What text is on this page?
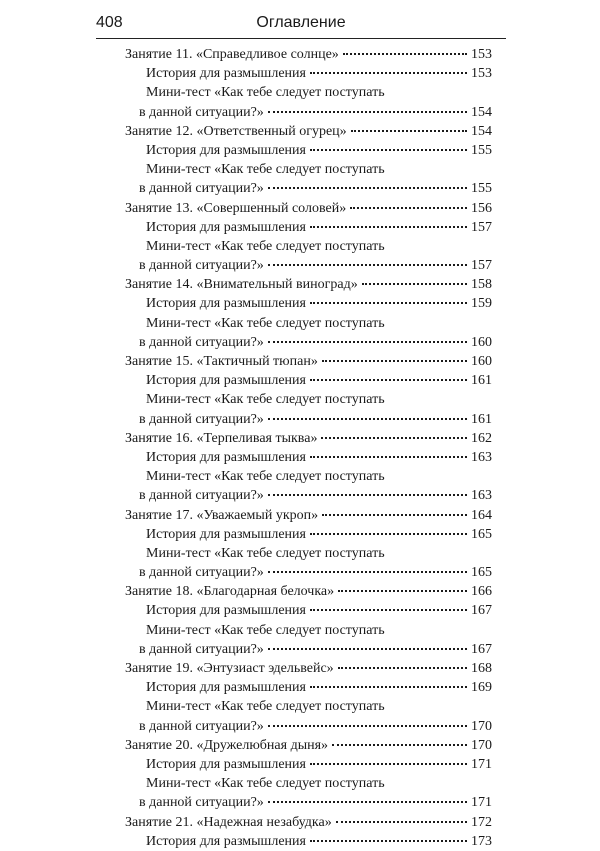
408	Оглавление
Занятие 11. «Справедливое солнце»	153
История для размышления	153
Мини-тест «Как тебе следует поступать
в данной ситуации?»	154
Занятие 12. «Ответственный огурец»	154
История для размышления	155
Мини-тест «Как тебе следует поступать
в данной ситуации?»	155
Занятие 13. «Совершенный соловей»	156
История для размышления	157
Мини-тест «Как тебе следует поступать
в данной ситуации?»	157
Занятие 14. «Внимательный виноград»	158
История для размышления	159
Мини-тест «Как тебе следует поступать
в данной ситуации?»	160
Занятие 15. «Тактичный тюпан»	160
История для размышления	161
Мини-тест «Как тебе следует поступать
в данной ситуации?»	161
Занятие 16. «Терпеливая тыква»	162
История для размышления	163
Мини-тест «Как тебе следует поступать
в данной ситуации?»	163
Занятие 17. «Уважаемый укроп»	164
История для размышления	165
Мини-тест «Как тебе следует поступать
в данной ситуации?»	165
Занятие 18. «Благодарная белочка»	166
История для размышления	167
Мини-тест «Как тебе следует поступать
в данной ситуации?»	167
Занятие 19. «Энтузиаст эдельвейс»	168
История для размышления	169
Мини-тест «Как тебе следует поступать
в данной ситуации?»	170
Занятие 20. «Дружелюбная дыня»	170
История для размышления	171
Мини-тест «Как тебе следует поступать
в данной ситуации?»	171
Занятие 21. «Надежная незабудка»	172
История для размышления	173
